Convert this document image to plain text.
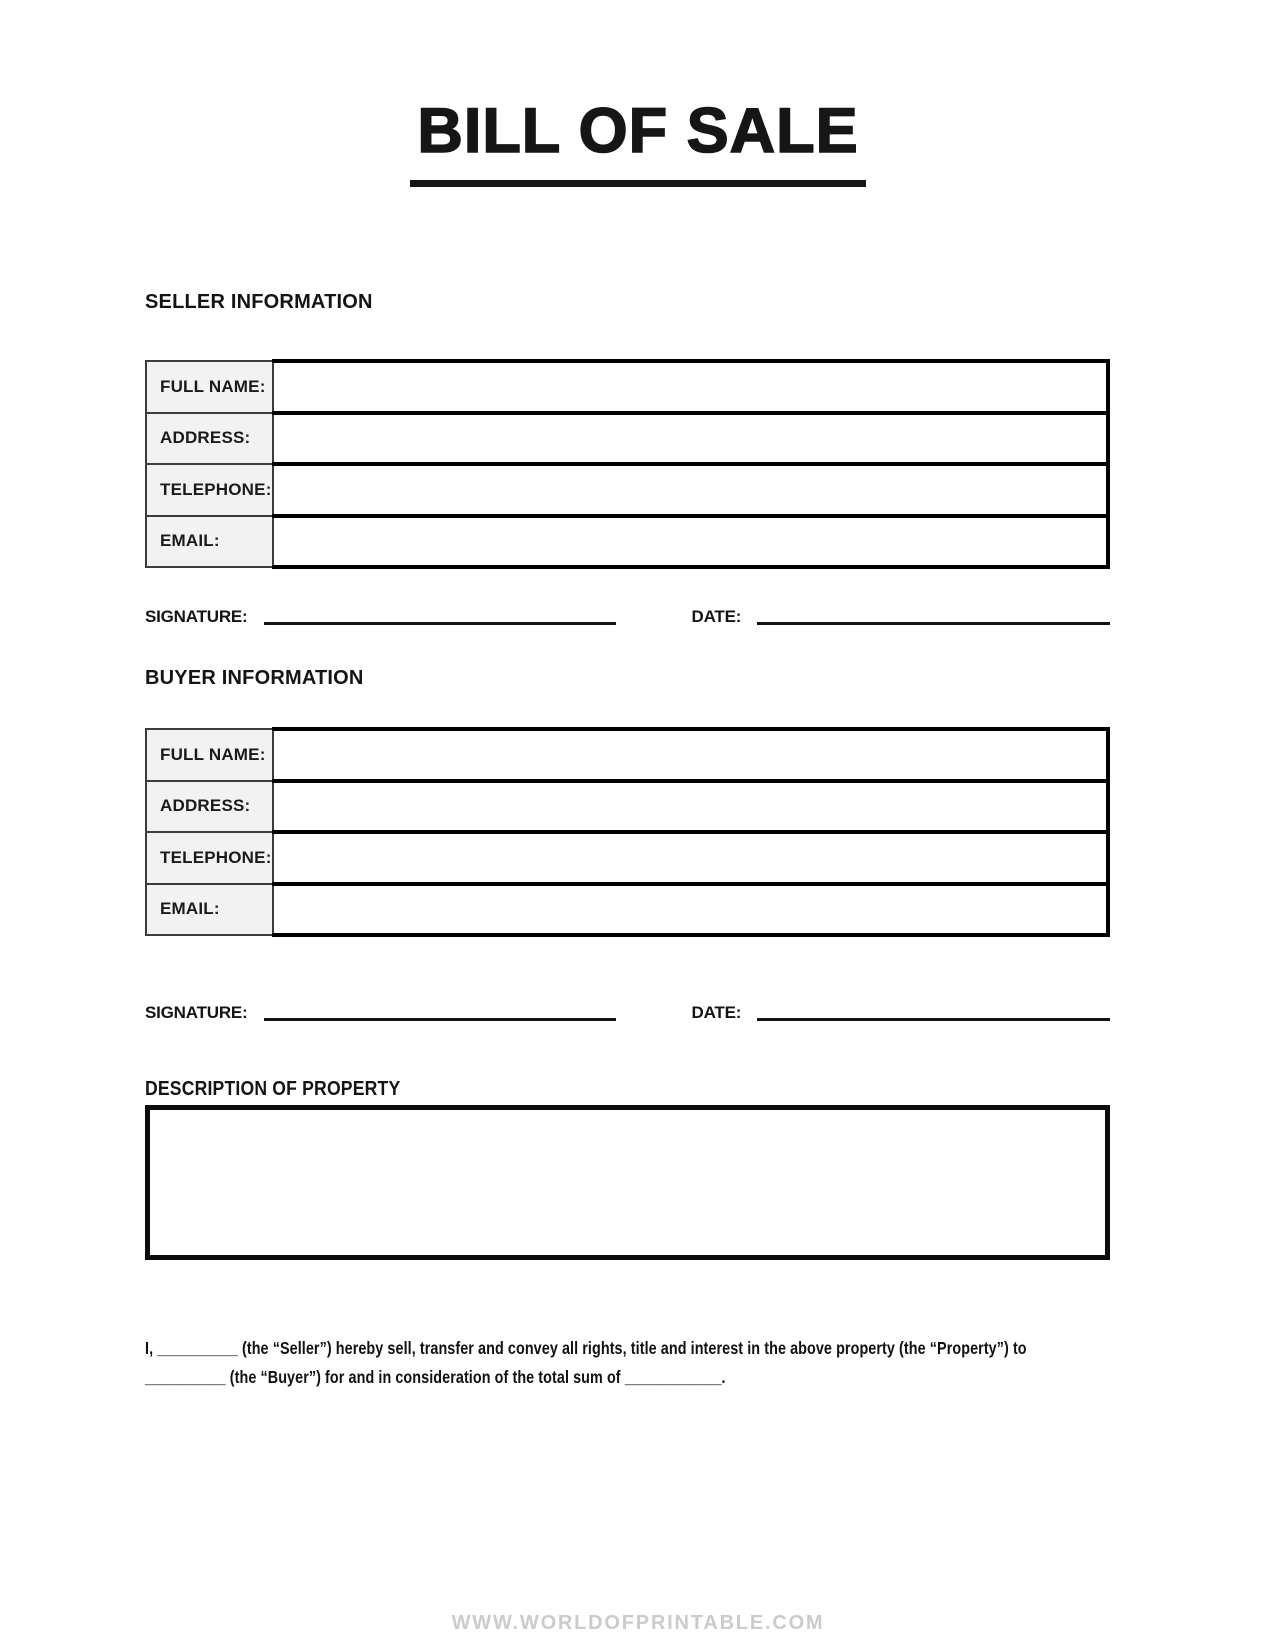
BILL OF SALE
SELLER INFORMATION
FULL NAME:	
ADDRESS:	
TELEPHONE:	
EMAIL:	
SIGNATURE:	DATE:
BUYER INFORMATION
FULL NAME:	
ADDRESS:	
TELEPHONE:	
EMAIL:	
SIGNATURE:	DATE:
DESCRIPTION OF PROPERTY

I, __________ (the “Seller”) hereby sell, transfer and convey all rights, title and interest in the above property (the “Property”) to __________ (the “Buyer”) for and in consideration of the total sum of ____________.

WWW.WORLDOFPRINTABLE.COM
